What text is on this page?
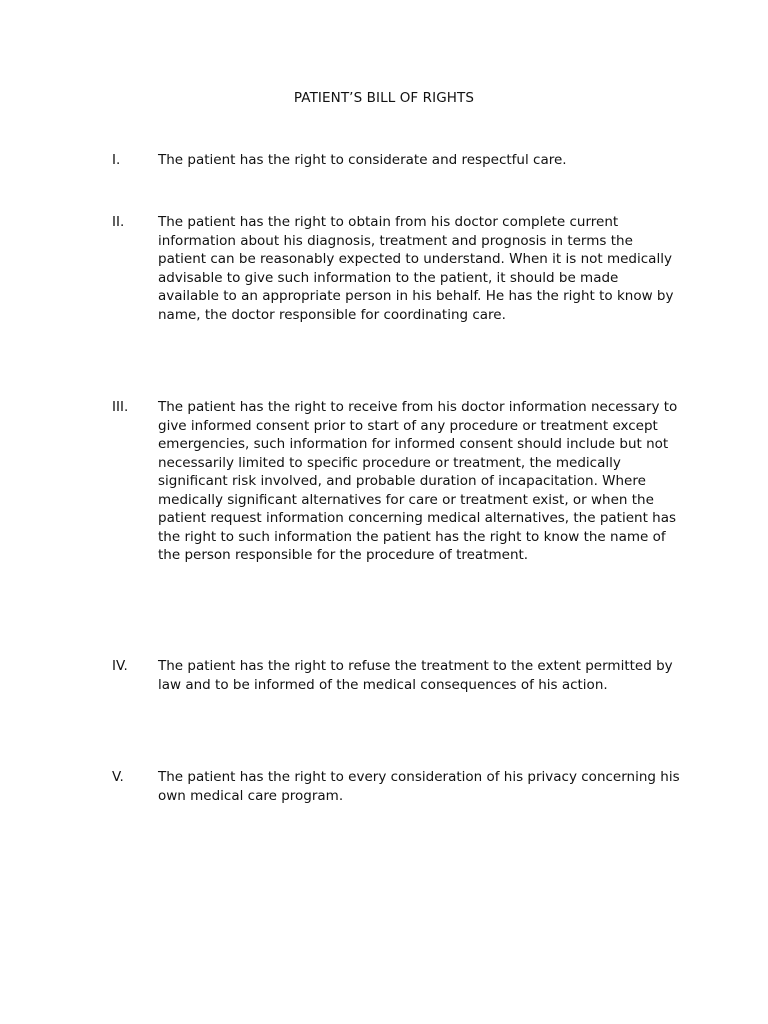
PATIENT’S BILL OF RIGHTS
I.	The patient has the right to considerate and respectful care.
II.	The patient has the right to obtain from his doctor complete current information about his diagnosis, treatment and prognosis in terms the patient can be reasonably expected to understand. When it is not medically advisable to give such information to the patient, it should be made available to an appropriate person in his behalf. He has the right to know by name, the doctor responsible for coordinating care.
III.	The patient has the right to receive from his doctor information necessary to give informed consent prior to start of any procedure or treatment except emergencies, such information for informed consent should include but not necessarily limited to specific procedure or treatment, the medically significant risk involved, and probable duration of incapacitation. Where medically significant alternatives for care or treatment exist, or when the patient request information concerning medical alternatives, the patient has the right to such information the patient has the right to know the name of the person responsible for the procedure of treatment.
IV.	The patient has the right to refuse the treatment to the extent permitted by law and to be informed of the medical consequences of his action.
V.	The patient has the right to every consideration of his privacy concerning his own medical care program.
